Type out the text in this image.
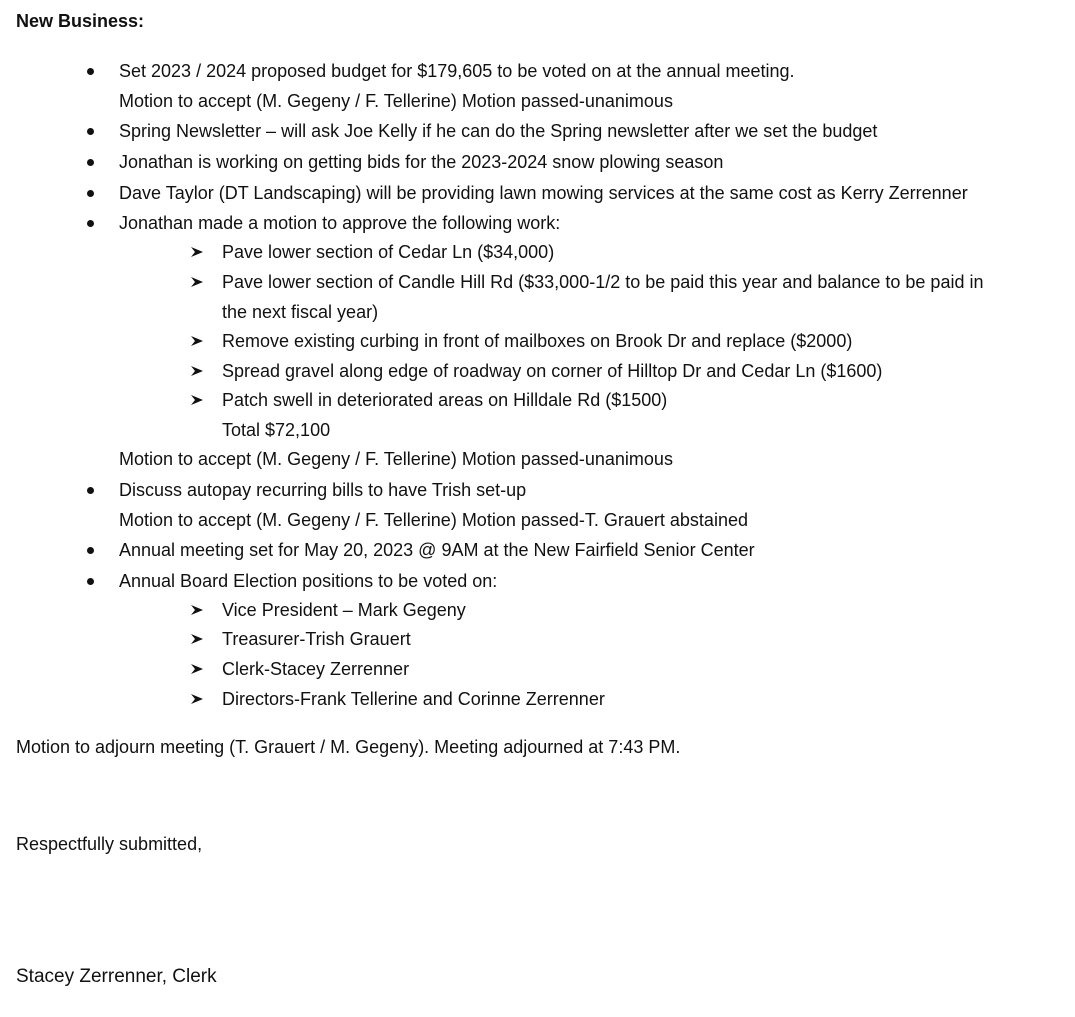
New Business:
Set 2023 / 2024 proposed budget for $179,605 to be voted on at the annual meeting.
Motion to accept (M. Gegeny / F. Tellerine) Motion passed-unanimous
Spring Newsletter – will ask Joe Kelly if he can do the Spring newsletter after we set the budget
Jonathan is working on getting bids for the 2023-2024 snow plowing season
Dave Taylor (DT Landscaping) will be providing lawn mowing services at the same cost as Kerry Zerrenner
Jonathan made a motion to approve the following work:
Pave lower section of Cedar Ln ($34,000)
Pave lower section of Candle Hill Rd ($33,000-1/2 to be paid this year and balance to be paid in
the next fiscal year)
Remove existing curbing in front of mailboxes on Brook Dr and replace ($2000)
Spread gravel along edge of roadway on corner of Hilltop Dr and Cedar Ln ($1600)
Patch swell in deteriorated areas on Hilldale Rd ($1500)
Total $72,100
Motion to accept (M. Gegeny / F. Tellerine) Motion passed-unanimous
Discuss autopay recurring bills to have Trish set-up
Motion to accept (M. Gegeny / F. Tellerine) Motion passed-T. Grauert abstained
Annual meeting set for May 20, 2023 @ 9AM at the New Fairfield Senior Center
Annual Board Election positions to be voted on:
Vice President – Mark Gegeny
Treasurer-Trish Grauert
Clerk-Stacey Zerrenner
Directors-Frank Tellerine and Corinne Zerrenner
Motion to adjourn meeting (T. Grauert / M. Gegeny). Meeting adjourned at 7:43 PM.
Respectfully submitted,
Stacey Zerrenner, Clerk
